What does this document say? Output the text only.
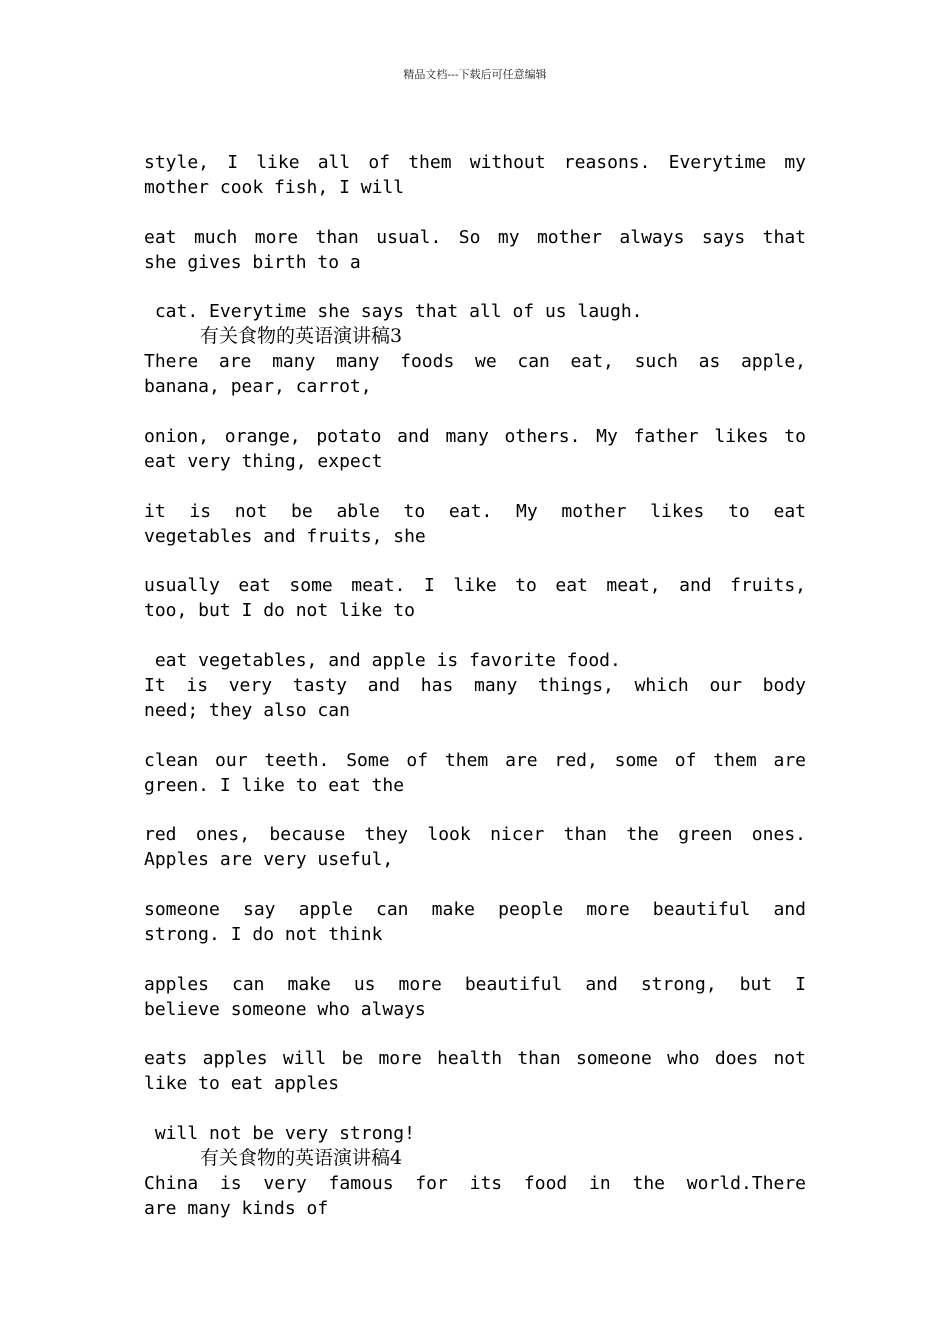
精品文档---下载后可任意编辑
style, I like all of them without reasons. Everytime my
mother cook fish, I will
eat much more than usual. So my mother always says that
she gives birth to a
cat. Everytime she says that all of us laugh.
有关食物的英语演讲稿3
There are many many foods we can eat, such as apple,
banana, pear, carrot,
onion, orange, potato and many others. My father likes to
eat very thing, expect
it is not be able to eat. My mother likes to eat
vegetables and fruits, she
usually eat some meat. I like to eat meat, and fruits,
too, but I do not like to
eat vegetables, and apple is favorite food.
It is very tasty and has many things, which our body
need; they also can
clean our teeth. Some of them are red, some of them are
green. I like to eat the
red ones, because they look nicer than the green ones.
Apples are very useful,
someone say apple can make people more beautiful and
strong. I do not think
apples can make us more beautiful and strong, but I
believe someone who always
eats apples will be more health than someone who does not
like to eat apples
will not be very strong!
有关食物的英语演讲稿4
China is very famous for its food in the world.There
are many kinds of
